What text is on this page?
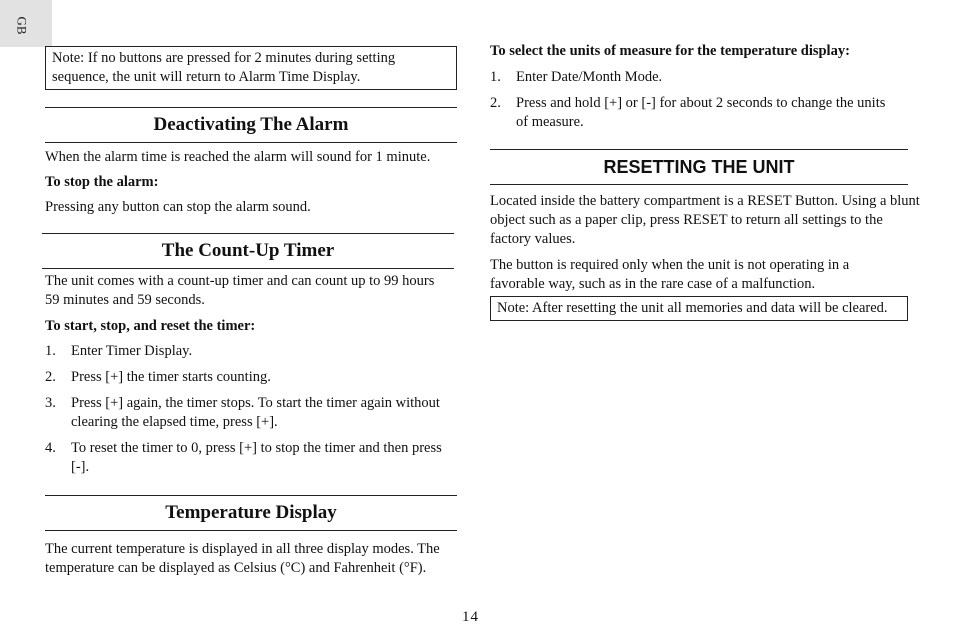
GB

Note: If no buttons are pressed for 2 minutes during setting sequence, the unit will return to Alarm Time Display.

Deactivating The Alarm

When the alarm time is reached the alarm will sound for 1 minute.

To stop the alarm:

Pressing any button can stop the alarm sound.

The Count-Up Timer

The unit comes with a count-up timer and can count up to 99 hours 59 minutes and 59 seconds.

To start, stop, and reset the timer:

1. Enter Timer Display.
2. Press [+] the timer starts counting.
3. Press [+] again, the timer stops. To start the timer again without clearing the elapsed time, press [+].
4. To reset the timer to 0, press [+] to stop the timer and then press [-].
Temperature Display

The current temperature is displayed in all three display modes. The temperature can be displayed as Celsius (°C) and Fahrenheit (°F).

To select the units of measure for the temperature display:

1. Enter Date/Month Mode.
2. Press and hold [+] or [-] for about 2 seconds to change the units of measure.
RESETTING THE UNIT

Located inside the battery compartment is a RESET Button. Using a blunt object such as a paper clip, press RESET to return all settings to the factory values.

The button is required only when the unit is not operating in a favorable way, such as in the rare case of a malfunction.

Note: After resetting the unit all memories and data will be cleared.

14
